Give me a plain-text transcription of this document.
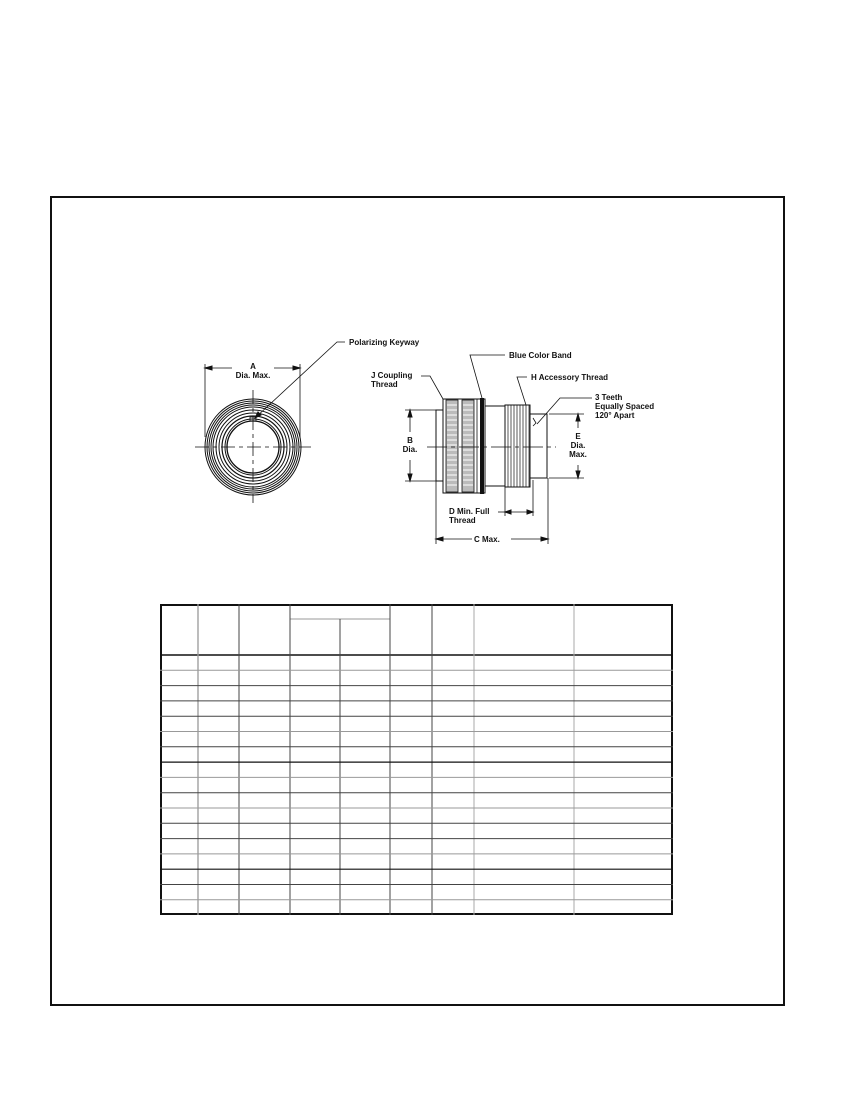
A
Dia. Max.
Polarizing Keyway
Blue Color Band
J Coupling
Thread
H Accessory Thread
3 Teeth
Equally Spaced
120° Apart
B
Dia.
E
Dia.
Max.
D Min. Full
Thread
C Max.
